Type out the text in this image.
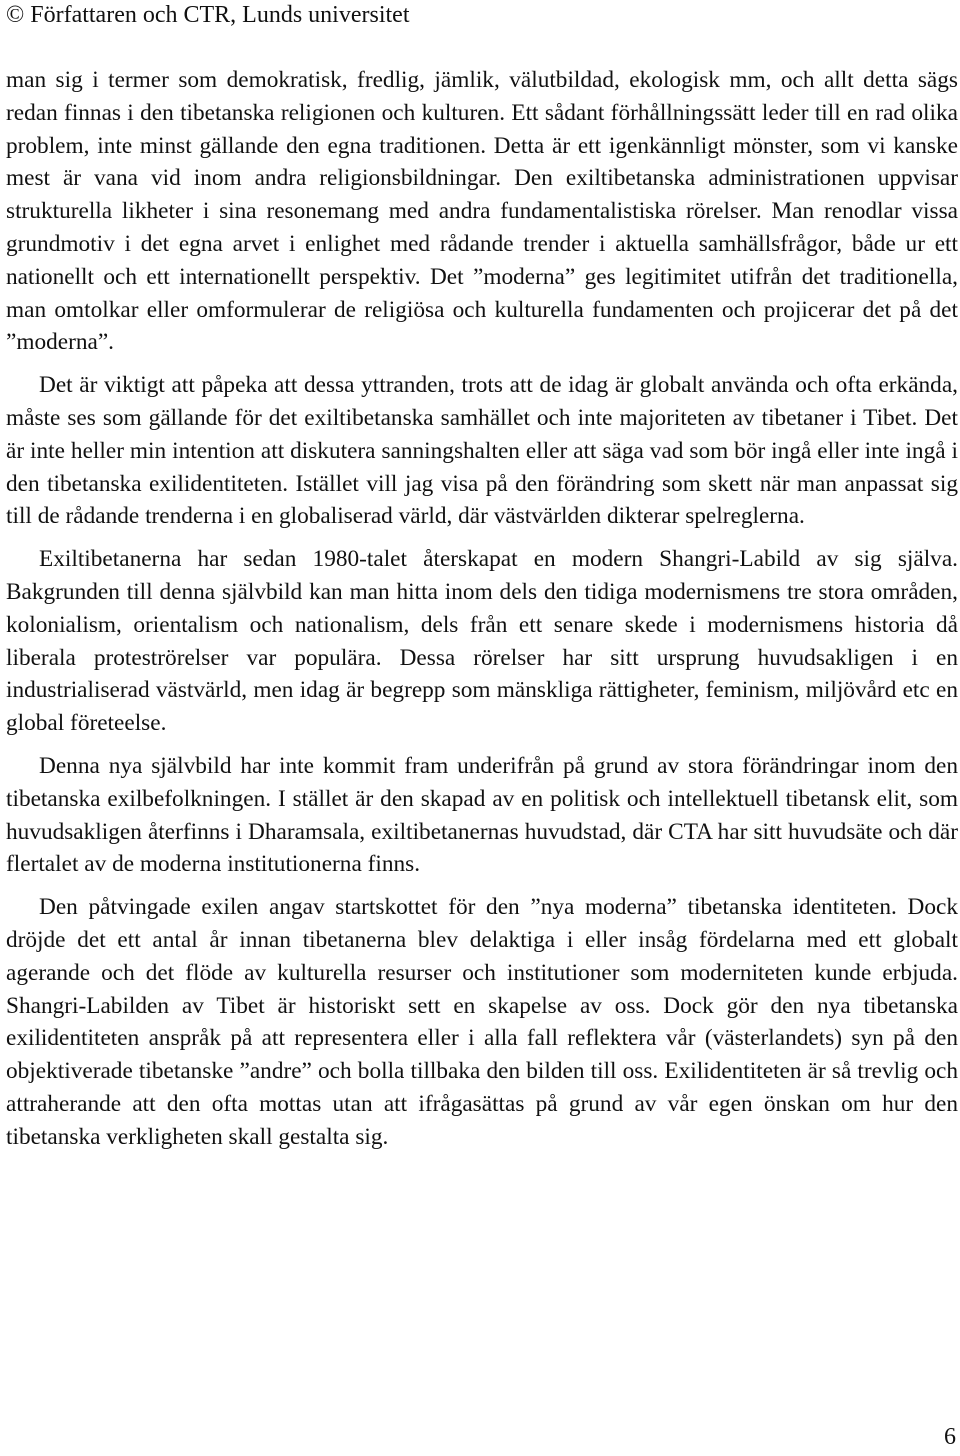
© Författaren och CTR, Lunds universitet

man sig i termer som demokratisk, fredlig, jämlik, välutbildad, ekologisk mm, och allt detta sägs redan finnas i den tibetanska religionen och kulturen. Ett sådant förhållningssätt leder till en rad olika problem, inte minst gällande den egna traditionen. Detta är ett igenkännligt mönster, som vi kanske mest är vana vid inom andra religionsbildningar. Den exiltibetanska administrationen uppvisar strukturella likheter i sina resonemang med andra fundamentalistiska rörelser. Man renodlar vissa grundmotiv i det egna arvet i enlighet med rådande trender i aktuella samhällsfrågor, både ur ett nationellt och ett internationellt perspektiv. Det ”moderna” ges legitimitet utifrån det traditionella, man omtolkar eller omformulerar de religiösa och kulturella fundamenten och projicerar det på det ”moderna”.

Det är viktigt att påpeka att dessa yttranden, trots att de idag är globalt använda och ofta erkända, måste ses som gällande för det exiltibetanska samhället och inte majoriteten av tibetaner i Tibet. Det är inte heller min intention att diskutera sanningshalten eller att säga vad som bör ingå eller inte ingå i den tibetanska exilidentiteten. Istället vill jag visa på den förändring som skett när man anpassat sig till de rådande trenderna i en globaliserad värld, där västvärlden dikterar spelreglerna.

Exiltibetanerna har sedan 1980-talet återskapat en modern Shangri-Labild av sig själva. Bakgrunden till denna självbild kan man hitta inom dels den tidiga modernismens tre stora områden, kolonialism, orientalism och nationalism, dels från ett senare skede i modernismens historia då liberala proteströrelser var populära. Dessa rörelser har sitt ursprung huvudsakligen i en industrialiserad västvärld, men idag är begrepp som mänskliga rättigheter, feminism, miljövård etc en global företeelse.

Denna nya självbild har inte kommit fram underifrån på grund av stora förändringar inom den tibetanska exilbefolkningen. I stället är den skapad av en politisk och intellektuell tibetansk elit, som huvudsakligen återfinns i Dharamsala, exiltibetanernas huvudstad, där CTA har sitt huvudsäte och där flertalet av de moderna institutionerna finns.

Den påtvingade exilen angav startskottet för den ”nya moderna” tibetanska identiteten. Dock dröjde det ett antal år innan tibetanerna blev delaktiga i eller insåg fördelarna med ett globalt agerande och det flöde av kulturella resurser och institutioner som moderniteten kunde erbjuda. Shangri-Labilden av Tibet är historiskt sett en skapelse av oss. Dock gör den nya tibetanska exilidentiteten anspråk på att representera eller i alla fall reflektera vår (västerlandets) syn på den objektiverade tibetanske ”andre” och bolla tillbaka den bilden till oss. Exilidentiteten är så trevlig och attraherande att den ofta mottas utan att ifrågasättas på grund av vår egen önskan om hur den tibetanska verkligheten skall gestalta sig.

6
